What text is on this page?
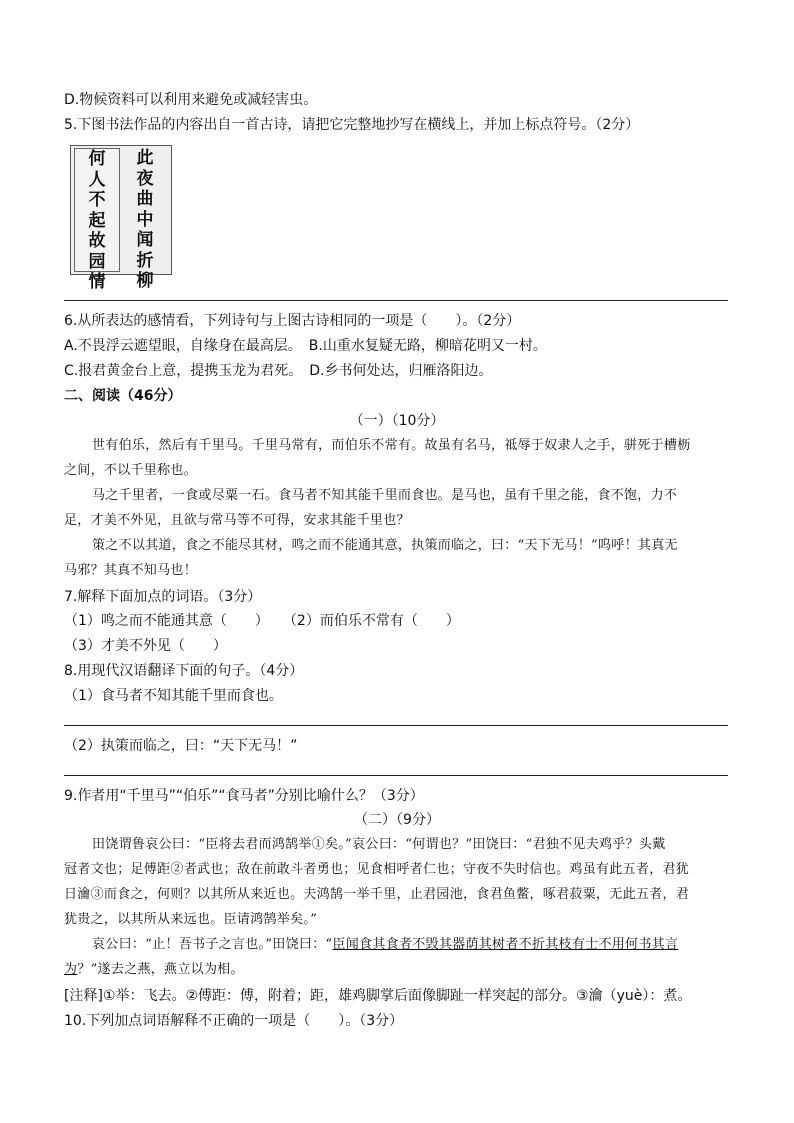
D.物候资料可以利用来避免或减轻害虫。
5.下图书法作品的内容出自一首古诗，请把它完整地抄写在横线上，并加上标点符号。（2分）
此
夜
曲
中
闻
折
柳
何
人
不
起
故
园
情
6.从所表达的感情看，下列诗句与上图古诗相同的一项是（　　）。（2分）
A.不畏浮云遮望眼，自缘身在最高层。　B.山重水复疑无路，柳暗花明又一村。
C.报君黄金台上意，提携玉龙为君死。　D.乡书何处达，归雁洛阳边。
二、阅读（46分）
（一）（10分）
世有伯乐，然后有千里马。千里马常有，而伯乐不常有。故虽有名马，祗辱于奴隶人之手，骈死于槽枥
之间，不以千里称也。
马之千里者，一食或尽粟一石。食马者不知其能千里而食也。是马也，虽有千里之能，食不饱，力不
足，才美不外见，且欲与常马等不可得，安求其能千里也？
策之不以其道，食之不能尽其材，鸣之而不能通其意，执策而临之，曰：“天下无马！”呜呼！其真无
马邪？其真不知马也！
7.解释下面加点的词语。（3分）
（1）鸣之而不能通其意（　　）　　（2）而伯乐不常有（　　）
（3）才美不外见（　　）
8.用现代汉语翻译下面的句子。（4分）
（1）食马者不知其能千里而食也。
（2）执策而临之，曰：“天下无马！”
9.作者用“千里马”“伯乐”“食马者”分别比喻什么？（3分）
（二）（9分）
田饶谓鲁哀公曰：“臣将去君而鸿鹄举①矣。”哀公曰：“何谓也？”田饶曰：“君独不见夫鸡乎？头戴
冠者文也；足傅距②者武也；敌在前敢斗者勇也；见食相呼者仁也；守夜不失时信也。鸡虽有此五者，君犹
日瀹③而食之，何则？以其所从来近也。夫鸿鹄一举千里，止君园池，食君鱼鳖，啄君菽粟，无此五者，君
犹贵之，以其所从来远也。臣请鸿鹄举矣。”
哀公曰：“止！吾书子之言也。”田饶曰：“臣闻食其食者不毁其器荫其树者不折其枝有士不用何书其言
为？”遂去之燕，燕立以为相。
[注释]①举：飞去。②傅距：傅，附着；距，雄鸡脚掌后面像脚趾一样突起的部分。③瀹（yuè）：煮。
10.下列加点词语解释不正确的一项是（　　）。（3分）
